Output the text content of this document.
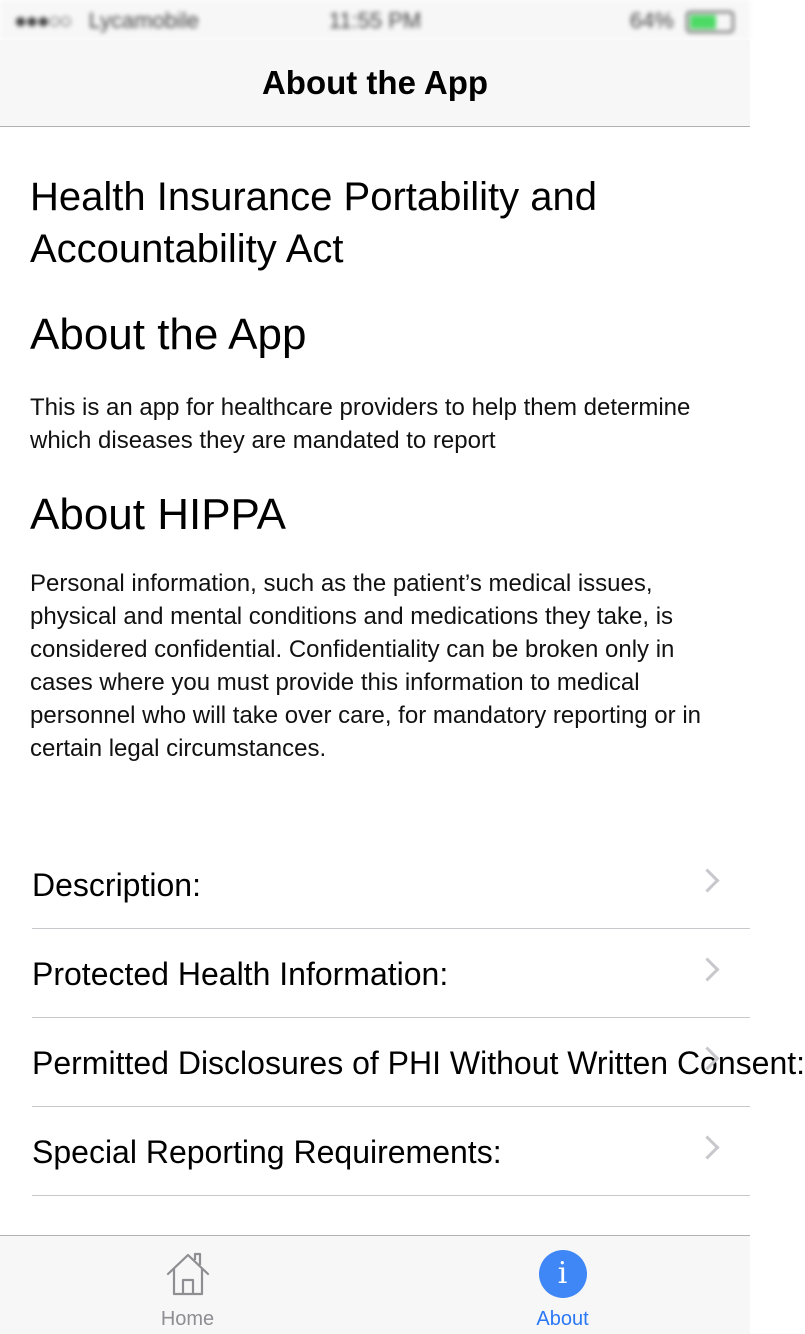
●●●○○ Lycamobile	11:55 PM	64%
About the App
Health Insurance Portability and Accountability Act
About the App

This is an app for healthcare providers to help them determine which diseases they are mandated to report

About HIPPA

Personal information, such as the patient’s medical issues, physical and mental conditions and medications they take, is considered confidential. Confidentiality can be broken only in cases where you must provide this information to medical personnel who will take over care, for mandatory reporting or in certain legal circumstances.

Description:
Protected Health Information:
Permitted Disclosures of PHI Without Written Consent:
Special Reporting Requirements:
Home
i
About
